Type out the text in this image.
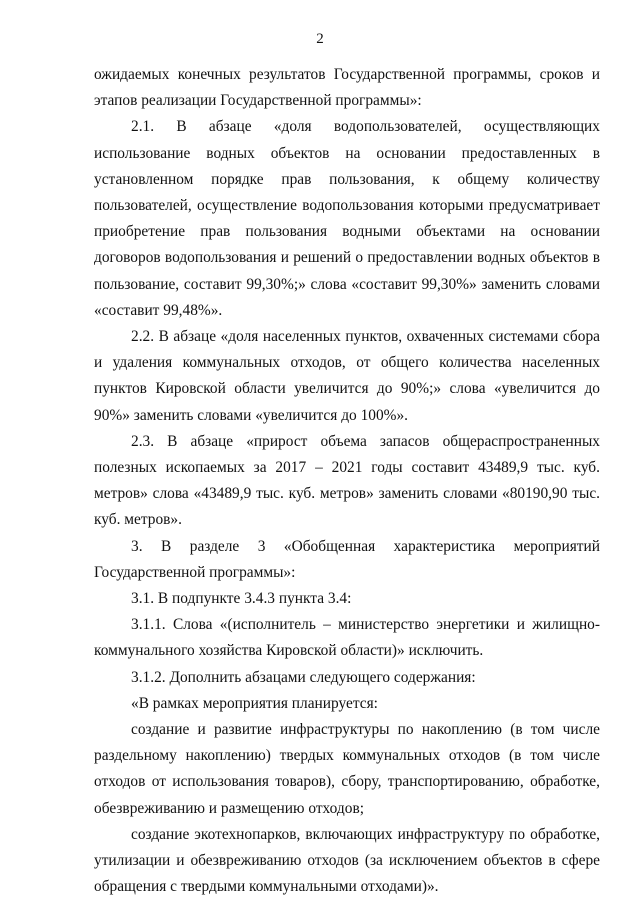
2

ожидаемых конечных результатов Государственной программы, сроков и этапов реализации Государственной программы»:

2.1. В абзаце «доля водопользователей, осуществляющих использование водных объектов на основании предоставленных в установленном порядке прав пользования, к общему количеству пользователей, осуществление водопользования которыми предусматривает приобретение прав пользования водными объектами на основании договоров водопользования и решений о предоставлении водных объектов в пользование, составит 99,30%;» слова «составит 99,30%» заменить словами «составит 99,48%».

2.2. В абзаце «доля населенных пунктов, охваченных системами сбора и удаления коммунальных отходов, от общего количества населенных пунктов Кировской области увеличится до 90%;» слова «увеличится до 90%» заменить словами «увеличится до 100%».

2.3. В абзаце «прирост объема запасов общераспространенных полезных ископаемых за 2017 – 2021 годы составит 43489,9 тыс. куб. метров» слова «43489,9 тыс. куб. метров» заменить словами «80190,90 тыс. куб. метров».

3. В разделе 3 «Обобщенная характеристика мероприятий Государственной программы»:

3.1. В подпункте 3.4.3 пункта 3.4:

3.1.1. Слова «(исполнитель – министерство энергетики и жилищно-коммунального хозяйства Кировской области)» исключить.

3.1.2. Дополнить абзацами следующего содержания:

«В рамках мероприятия планируется:

создание и развитие инфраструктуры по накоплению (в том числе раздельному накоплению) твердых коммунальных отходов (в том числе отходов от использования товаров), сбору, транспортированию, обработке, обезвреживанию и размещению отходов;

создание экотехнопарков, включающих инфраструктуру по обработке, утилизации и обезвреживанию отходов (за исключением объектов в сфере обращения с твердыми коммунальными отходами)».
